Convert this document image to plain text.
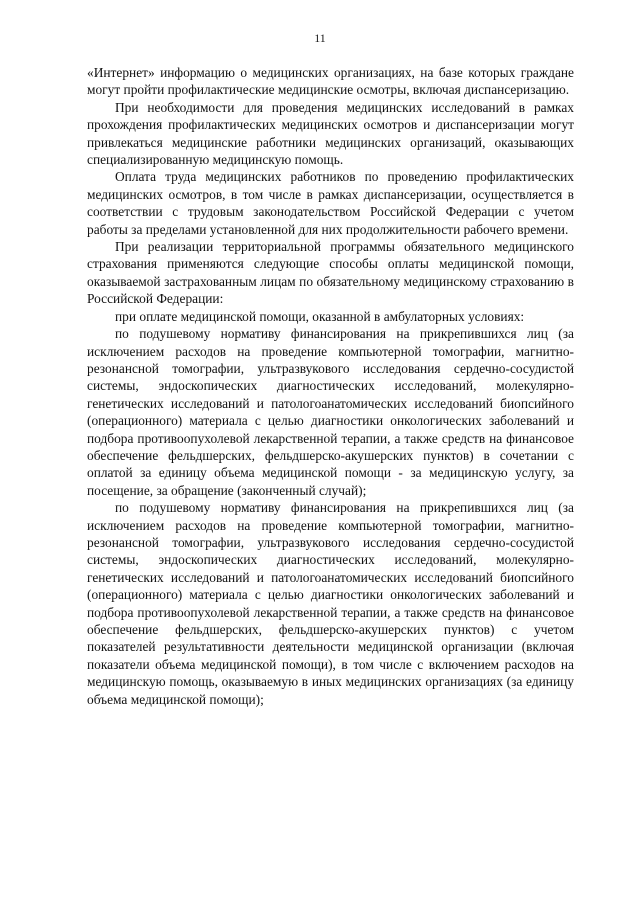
11

«Интернет» информацию о медицинских организациях, на базе которых граждане могут пройти профилактические медицинские осмотры, включая диспансеризацию.

При необходимости для проведения медицинских исследований в рамках прохождения профилактических медицинских осмотров и диспансеризации могут привлекаться медицинские работники медицинских организаций, оказывающих специализированную медицинскую помощь.

Оплата труда медицинских работников по проведению профилактических медицинских осмотров, в том числе в рамках диспансеризации, осуществляется в соответствии с трудовым законодательством Российской Федерации с учетом работы за пределами установленной для них продолжительности рабочего времени.

При реализации территориальной программы обязательного медицинского страхования применяются следующие способы оплаты медицинской помощи, оказываемой застрахованным лицам по обязательному медицинскому страхованию в Российской Федерации:

при оплате медицинской помощи, оказанной в амбулаторных условиях:

по подушевому нормативу финансирования на прикрепившихся лиц (за исключением расходов на проведение компьютерной томографии, магнитно-резонансной томографии, ультразвукового исследования сердечно-сосудистой системы, эндоскопических диагностических исследований, молекулярно-генетических исследований и патологоанатомических исследований биопсийного (операционного) материала с целью диагностики онкологических заболеваний и подбора противоопухолевой лекарственной терапии, а также средств на финансовое обеспечение фельдшерских, фельдшерско-акушерских пунктов) в сочетании с оплатой за единицу объема медицинской помощи - за медицинскую услугу, за посещение, за обращение (законченный случай);

по подушевому нормативу финансирования на прикрепившихся лиц (за исключением расходов на проведение компьютерной томографии, магнитно-резонансной томографии, ультразвукового исследования сердечно-сосудистой системы, эндоскопических диагностических исследований, молекулярно-генетических исследований и патологоанатомических исследований биопсийного (операционного) материала с целью диагностики онкологических заболеваний и подбора противоопухолевой лекарственной терапии, а также средств на финансовое обеспечение фельдшерских, фельдшерско-акушерских пунктов) с учетом показателей результативности деятельности медицинской организации (включая показатели объема медицинской помощи), в том числе с включением расходов на медицинскую помощь, оказываемую в иных медицинских организациях (за единицу объема медицинской помощи);
